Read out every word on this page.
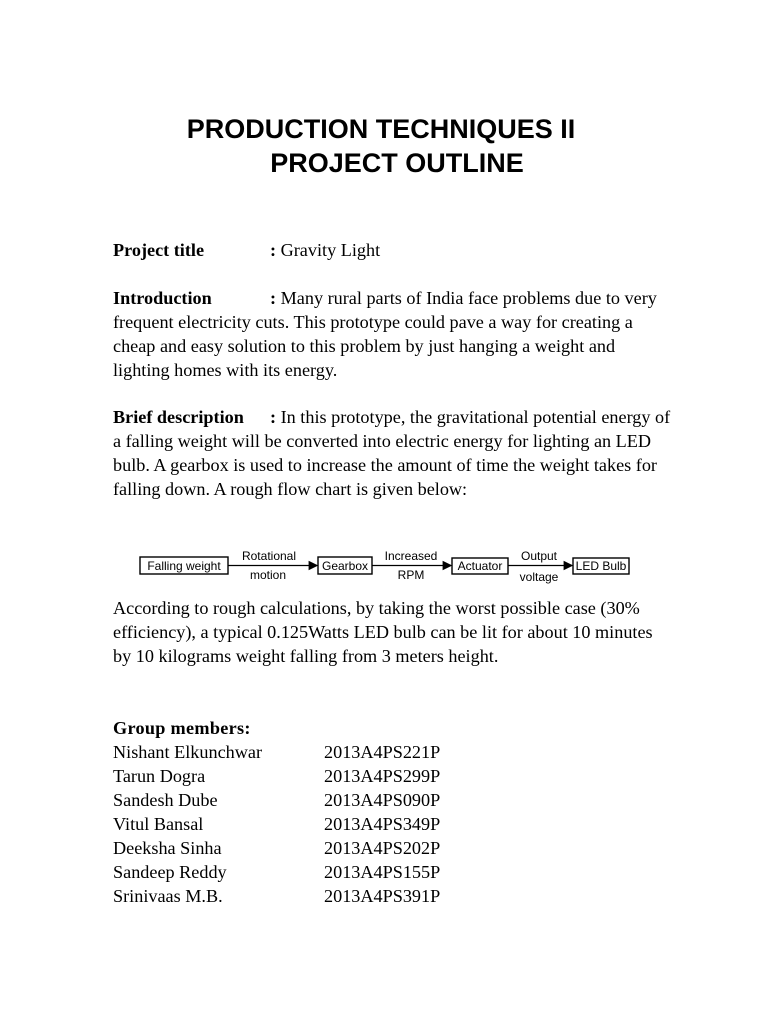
PRODUCTION TECHNIQUES II
PROJECT OUTLINE
Project title	: Gravity Light
Introduction	: Many rural parts of India face problems due to very frequent electricity cuts. This prototype could pave a way for creating a cheap and easy solution to this problem by just hanging a weight and lighting homes with its energy.
Brief description : In this prototype, the gravitational potential energy of a falling weight will be converted into electric energy for lighting an LED bulb. A gearbox is used to increase the amount of time the weight takes for falling down. A rough flow chart is given below:
Falling weight
Rotational
motion
Gearbox
Increased
RPM
Actuator
Output
voltage
LED Bulb
According to rough calculations, by taking the worst possible case (30% efficiency), a typical 0.125Watts LED bulb can be lit for about 10 minutes by 10 kilograms weight falling from 3 meters height.
Group members:
Nishant Elkunchwar	2013A4PS221P
Tarun Dogra	2013A4PS299P
Sandesh Dube	2013A4PS090P
Vitul Bansal	2013A4PS349P
Deeksha Sinha	2013A4PS202P
Sandeep Reddy	2013A4PS155P
Srinivaas M.B.	2013A4PS391P
